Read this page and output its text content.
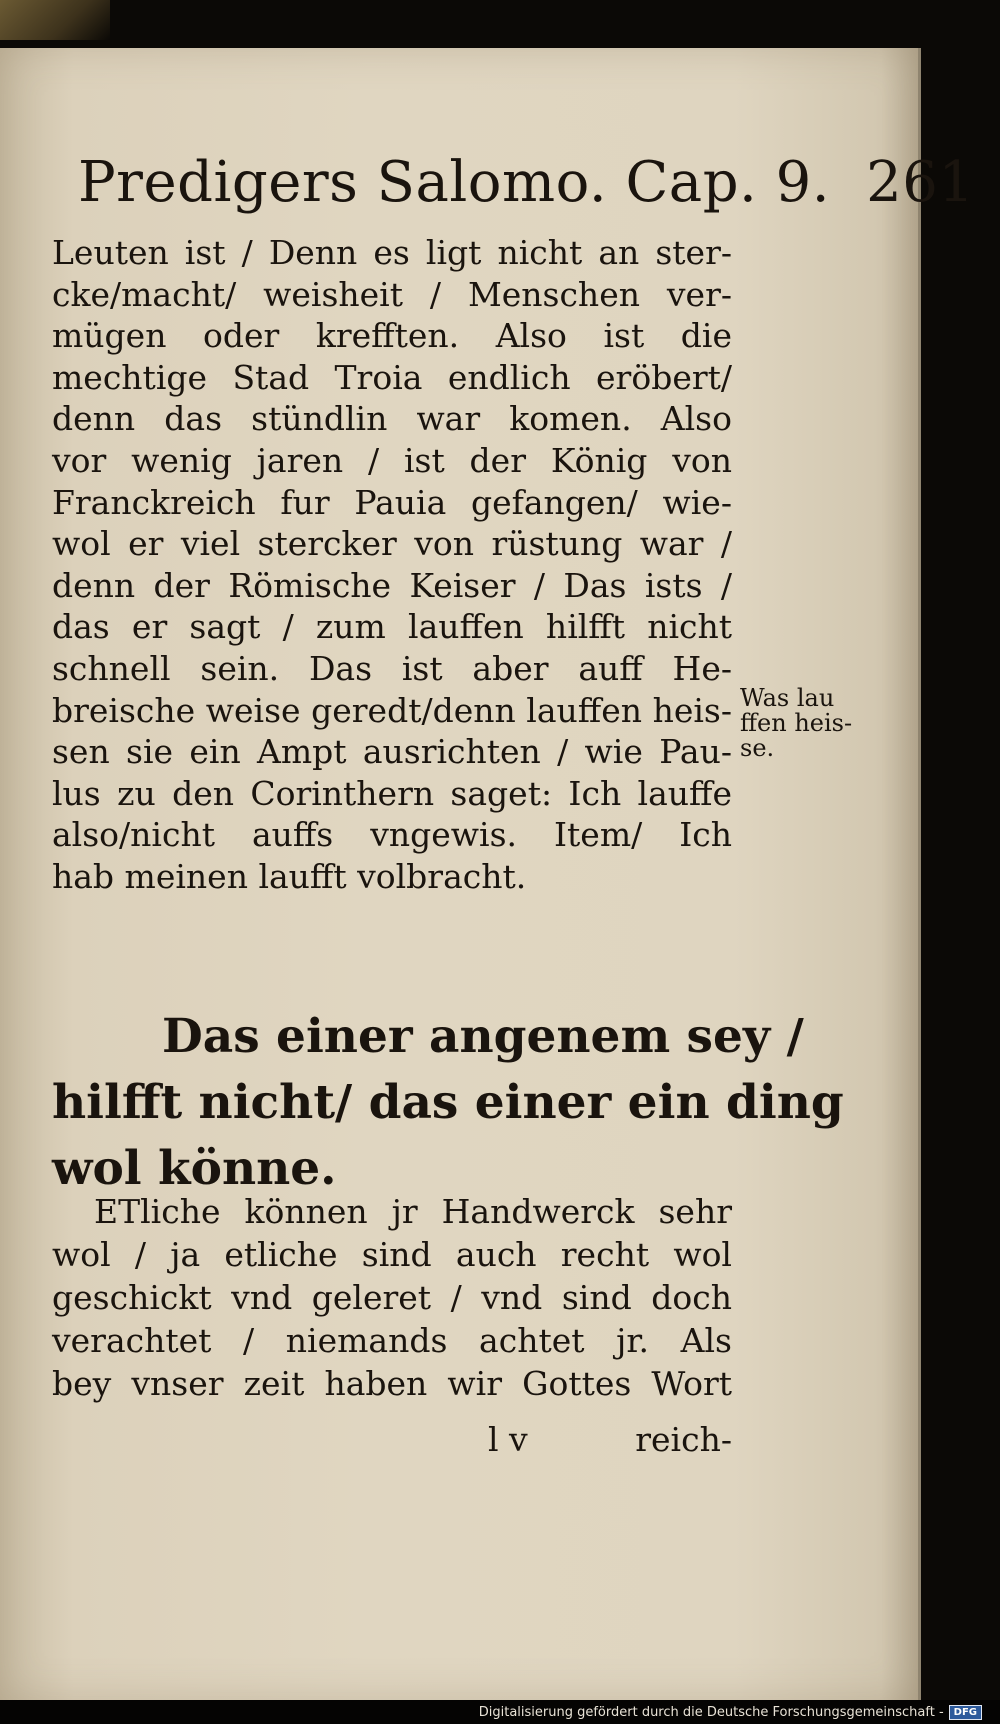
Predigers Salomo. Cap. 9. 261
Leuten ist / Denn es ligt nicht an ster-
cke/macht/ weisheit / Menschen ver-
mügen oder krefften. Also ist die
mechtige Stad Troia endlich eröbert/
denn das stündlin war komen. Also
vor wenig jaren / ist der König von
Franckreich fur Pauia gefangen/ wie-
wol er viel stercker von rüstung war /
denn der Römische Keiser / Das ists /
das er sagt / zum lauffen hilfft nicht
schnell sein. Das ist aber auff He-
breische weise geredt/denn lauffen heis-
sen sie ein Ampt ausrichten / wie Pau-
lus zu den Corinthern saget: Ich lauffe
also/nicht auffs vngewis. Item/ Ich
hab meinen laufft volbracht.
Was lau
ffen heis-
se.
Das einer angenem sey /
hilfft nicht/ das einer ein ding
wol könne.
ETliche können jr Handwerck sehr
wol / ja etliche sind auch recht wol
geschickt vnd geleret / vnd sind doch
verachtet / niemands achtet jr. Als
bey vnser zeit haben wir Gottes Wort
l v	reich-
Digitalisierung gefördert durch die Deutsche Forschungsgemeinschaft -	DFG
